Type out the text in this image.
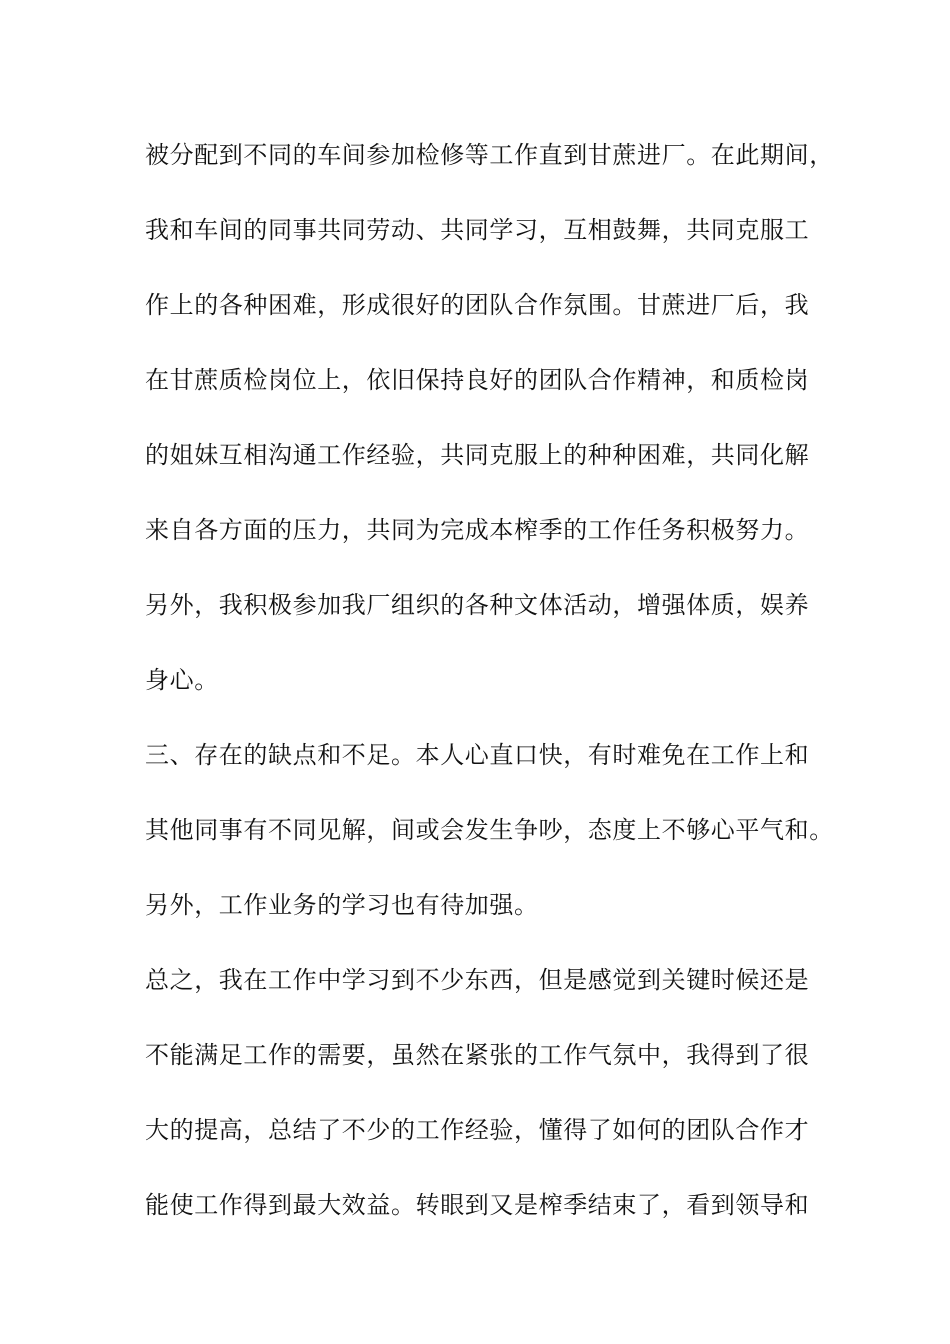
被分配到不同的车间参加检修等工作直到甘蔗进厂。在此期间，
我和车间的同事共同劳动、共同学习，互相鼓舞，共同克服工
作上的各种困难，形成很好的团队合作氛围。甘蔗进厂后，我
在甘蔗质检岗位上，依旧保持良好的团队合作精神，和质检岗
的姐妹互相沟通工作经验，共同克服上的种种困难，共同化解
来自各方面的压力，共同为完成本榨季的工作任务积极努力。
另外，我积极参加我厂组织的各种文体活动，增强体质，娱养
身心。
三、存在的缺点和不足。本人心直口快，有时难免在工作上和
其他同事有不同见解，间或会发生争吵，态度上不够心平气和。
另外，工作业务的学习也有待加强。
总之，我在工作中学习到不少东西，但是感觉到关键时候还是
不能满足工作的需要，虽然在紧张的工作气氛中，我得到了很
大的提高，总结了不少的工作经验，懂得了如何的团队合作才
能使工作得到最大效益。转眼到又是榨季结束了，看到领导和
